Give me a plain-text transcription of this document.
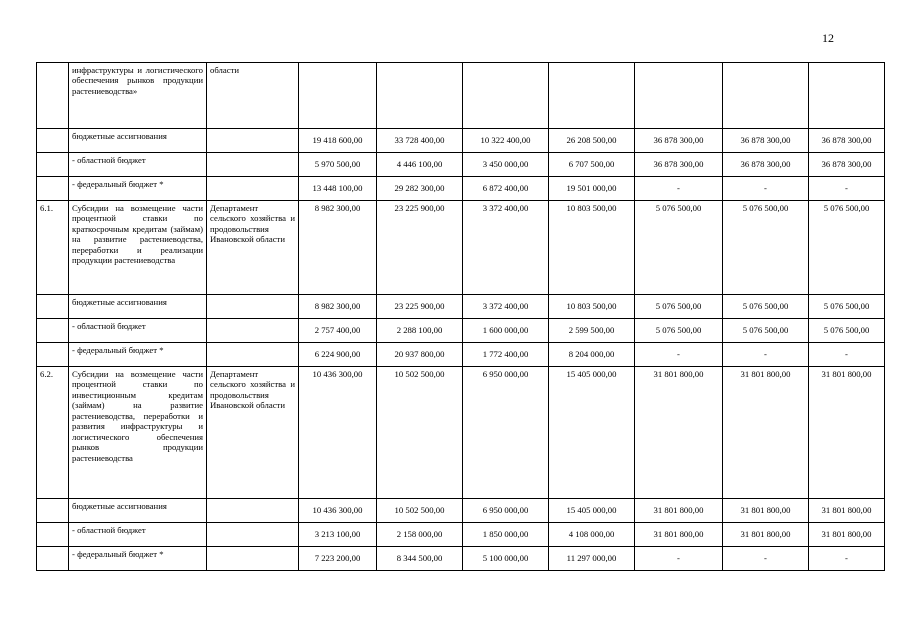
12
	инфраструктуры и логистического обеспечения рынков продукции растениеводства»	области							
	бюджетные ассигнования		19 418 600,00	33 728 400,00	10 322 400,00	26 208 500,00	36 878 300,00	36 878 300,00	36 878 300,00
	- областной бюджет		5 970 500,00	4 446 100,00	3 450 000,00	6 707 500,00	36 878 300,00	36 878 300,00	36 878 300,00
	- федеральный бюджет *		13 448 100,00	29 282 300,00	6 872 400,00	19 501 000,00	-	-	-
6.1.	Субсидии на возмещение части процентной ставки по краткосрочным кредитам (займам) на развитие растениеводства, переработки и реализации продукции растениеводства	Департамент сельского хозяйства и продовольствия Ивановской области	8 982 300,00	23 225 900,00	3 372 400,00	10 803 500,00	5 076 500,00	5 076 500,00	5 076 500,00
	бюджетные ассигнования		8 982 300,00	23 225 900,00	3 372 400,00	10 803 500,00	5 076 500,00	5 076 500,00	5 076 500,00
	- областной бюджет		2 757 400,00	2 288 100,00	1 600 000,00	2 599 500,00	5 076 500,00	5 076 500,00	5 076 500,00
	- федеральный бюджет *		6 224 900,00	20 937 800,00	1 772 400,00	8 204 000,00	-	-	-
6.2.	Субсидии на возмещение части процентной ставки по инвестиционным кредитам (займам) на развитие растениеводства, переработки и развития инфраструктуры и логистического обеспечения рынков продукции растениеводства	Департамент сельского хозяйства и продовольствия Ивановской области	10 436 300,00	10 502 500,00	6 950 000,00	15 405 000,00	31 801 800,00	31 801 800,00	31 801 800,00
	бюджетные ассигнования		10 436 300,00	10 502 500,00	6 950 000,00	15 405 000,00	31 801 800,00	31 801 800,00	31 801 800,00
	- областной бюджет		3 213 100,00	2 158 000,00	1 850 000,00	4 108 000,00	31 801 800,00	31 801 800,00	31 801 800,00
	- федеральный бюджет *		7 223 200,00	8 344 500,00	5 100 000,00	11 297 000,00	-	-	-
